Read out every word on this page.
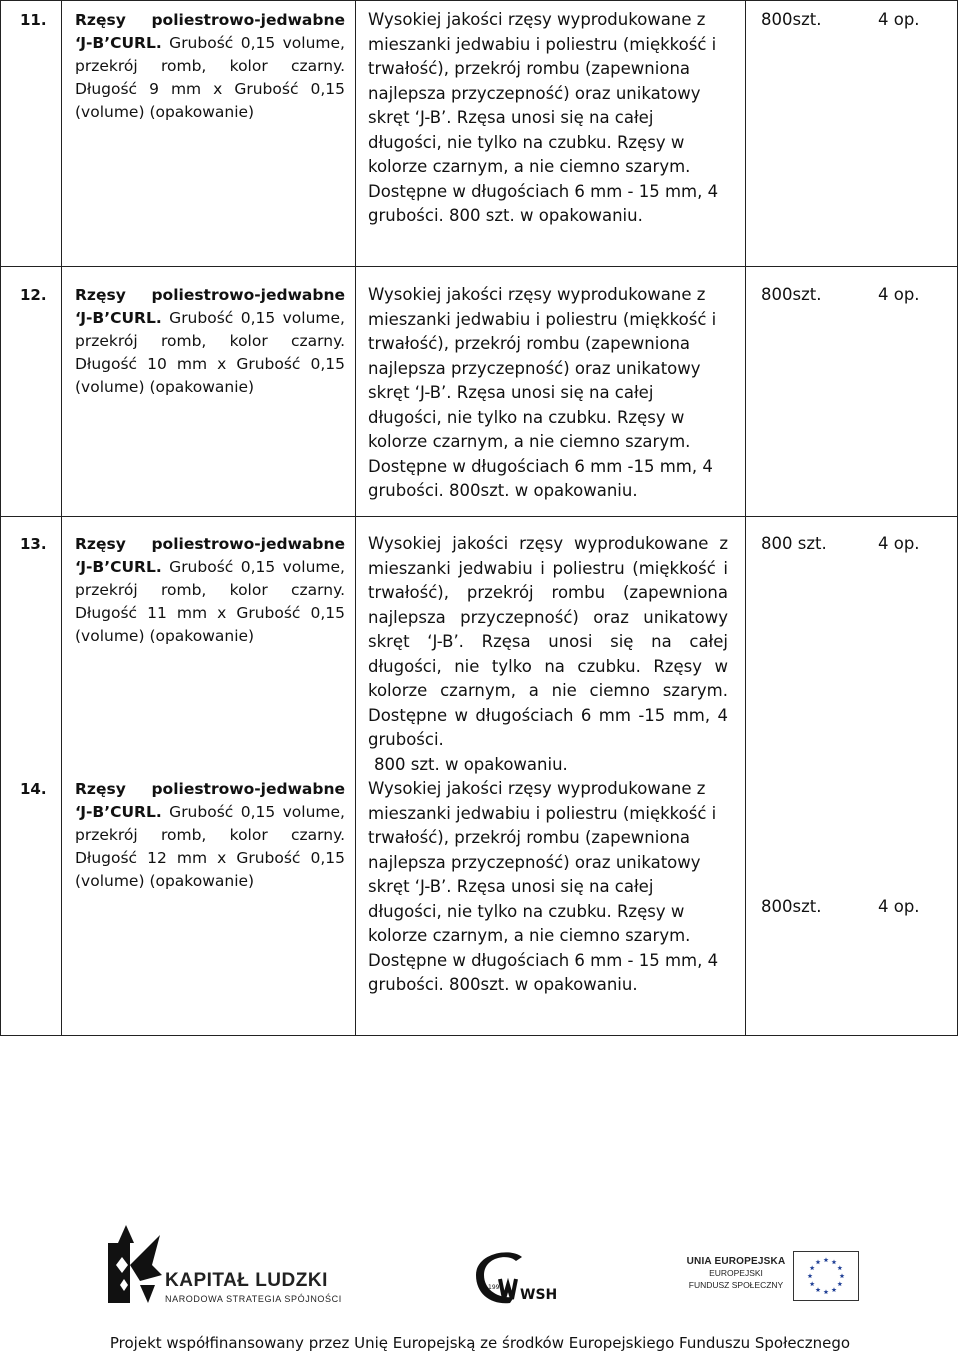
11. Rzęsy poliestrowo-jedwabne ‘J-B’CURL. Grubość 0,15 volume, przekrój romb, kolor czarny. Długość 9 mm x Grubość 0,15 (volume) (opakowanie)
Wysokiej jakości rzęsy wyprodukowane z mieszanki jedwabiu i poliestru (miękkość i trwałość), przekrój rombu (zapewniona najlepsza przyczepność) oraz unikatowy skręt ‘J-B’. Rzęsa unosi się na całej długości, nie tylko na czubku. Rzęsy w kolorze czarnym, a nie ciemno szarym. Dostępne w długościach 6 mm - 15 mm, 4 grubości. 800 szt. w opakowaniu.
800szt.	4 op.
12. Rzęsy poliestrowo-jedwabne ‘J-B’CURL. Grubość 0,15 volume, przekrój romb, kolor czarny. Długość 10 mm x Grubość 0,15 (volume) (opakowanie)
Wysokiej jakości rzęsy wyprodukowane z mieszanki jedwabiu i poliestru (miękkość i trwałość), przekrój rombu (zapewniona najlepsza przyczepność) oraz unikatowy skręt ‘J-B’. Rzęsa unosi się na całej długości, nie tylko na czubku. Rzęsy w kolorze czarnym, a nie ciemno szarym. Dostępne w długościach 6 mm -15 mm, 4 grubości. 800szt. w opakowaniu.
800szt.	4 op.
13. Rzęsy poliestrowo-jedwabne ‘J-B’CURL. Grubość 0,15 volume, przekrój romb, kolor czarny. Długość 11 mm x Grubość 0,15 (volume) (opakowanie)
Wysokiej jakości rzęsy wyprodukowane z mieszanki jedwabiu i poliestru (miękkość i trwałość), przekrój rombu (zapewniona najlepsza przyczepność) oraz unikatowy skręt ‘J-B’. Rzęsa unosi się na całej długości, nie tylko na czubku. Rzęsy w kolorze czarnym, a nie ciemno szarym. Dostępne w długościach 6 mm -15 mm, 4 grubości.
800 szt. w opakowaniu.
800 szt.	4 op.
14. Rzęsy poliestrowo-jedwabne ‘J-B’CURL. Grubość 0,15 volume, przekrój romb, kolor czarny. Długość 12 mm x Grubość 0,15 (volume) (opakowanie)
Wysokiej jakości rzęsy wyprodukowane z mieszanki jedwabiu i poliestru (miękkość i trwałość), przekrój rombu (zapewniona najlepsza przyczepność) oraz unikatowy skręt ‘J-B’. Rzęsa unosi się na całej długości, nie tylko na czubku. Rzęsy w kolorze czarnym, a nie ciemno szarym. Dostępne w długościach 6 mm - 15 mm, 4 grubości. 800szt. w opakowaniu.
800szt.	4 op.
KAPITAŁ LUDZKI
NARODOWA STRATEGIA SPÓJNOŚCI
1991 WSH
UNIA EUROPEJSKA
EUROPEJSKI
FUNDUSZ SPOŁECZNY
Projekt współfinansowany przez Unię Europejską ze środków Europejskiego Funduszu Społecznego
